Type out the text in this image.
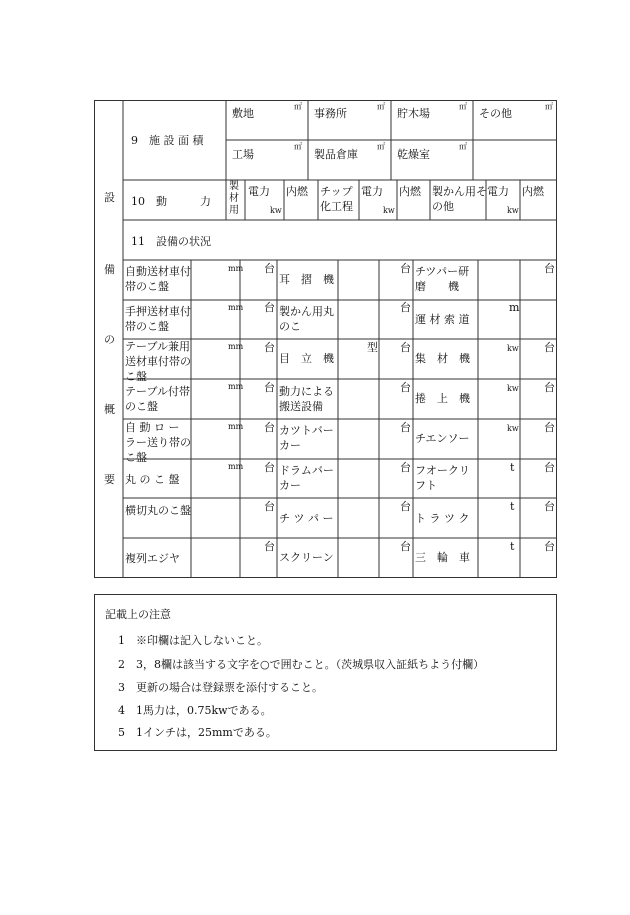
設
備
の
概
要
9　施 設 面 積
敷地
㎡
事務所
㎡
貯木場
㎡
その他
㎡
工場
㎡
製品倉庫
㎡
乾燥室
㎡
10　動　　　力
製材用
電力
kw
内燃 チップ化工程
電力
kw
内燃 製かん用その他
電力
kw
内燃
11　設備の状況
自動送材車付帯のこ盤
手押送材車付帯のこ盤
テーブル兼用送材車付帯のこ盤
テーブル付帯のこ盤
自 動 ロ ー ラー送り帯のこ盤
丸 の こ 盤
横切丸のこ盤
複列エジヤ
mm
mm
mm
mm
mm
mm
台
台
台
台
台
台
台
台
耳　摺　機
製かん用丸のこ
目　立　機
動力による搬送設備
カツトバーカー
ドラムバーカー
チ ツ パ ー
スクリーン
型
台
台
台
台
台
台
台
台
チツパー研磨　　機
運 材 索 道
集　材　機
捲　上　機
チエンソー
フオークリフト
ト ラ ツ ク
三　輪　車
m
kw
kw
kw
t
t
t
台
台
台
台
台
台
台
記載上の注意
1　※印欄は記入しないこと。
2　3，8欄は該当する文字を○で囲むこと。（茨城県収入証紙ちよう付欄）
3　更新の場合は登録票を添付すること。
4　1馬力は，0.75kwである。
5　1インチは，25mmである。
